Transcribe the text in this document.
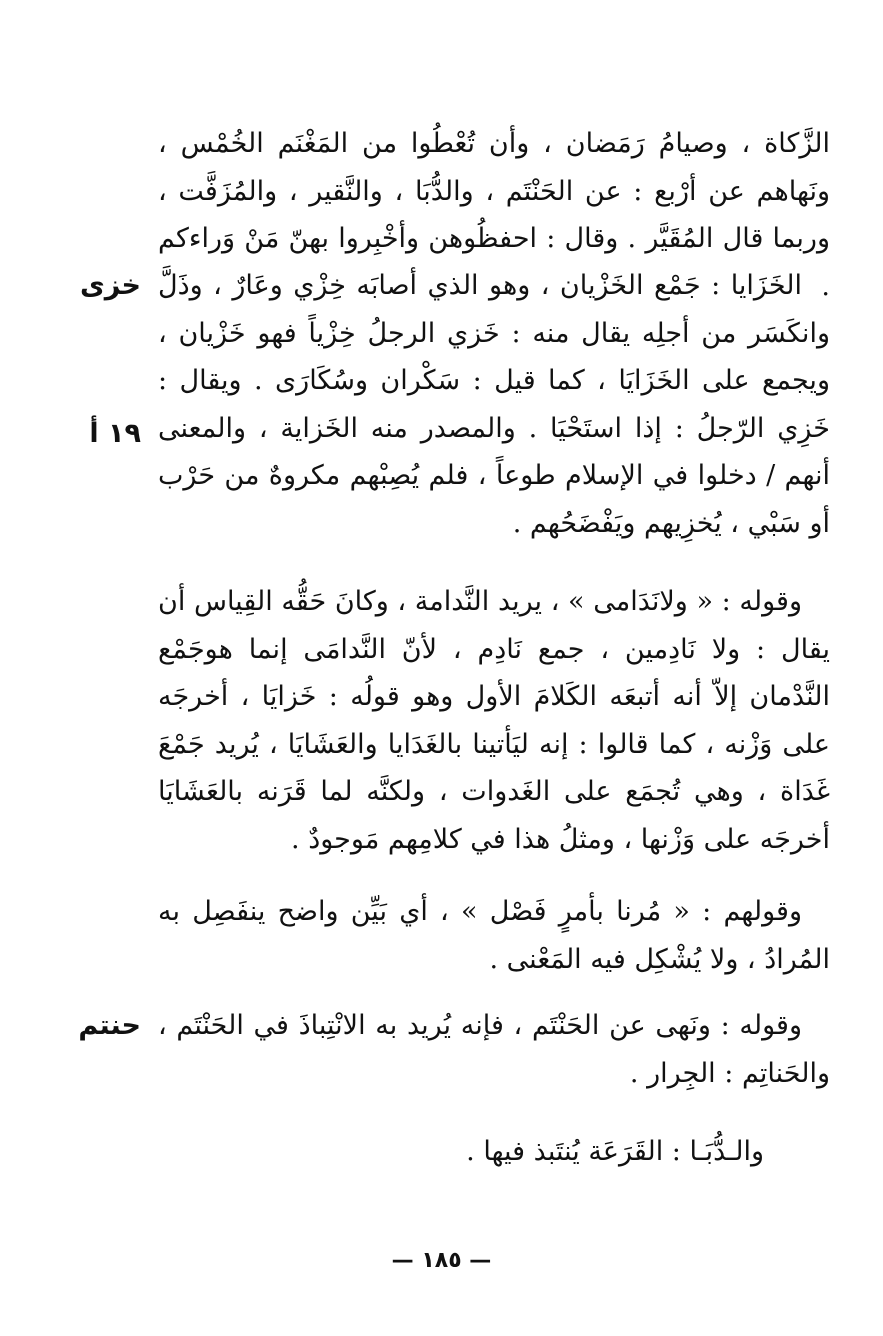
الزَّكاة ، وصيامُ رَمَضان ، وأن تُعْطُوا من المَغْنَم الخُمْس ، ونَهاهم عن أرْبع : عن الحَنْتَم ، والدُّبَا ، والنَّقير ، والمُزَفَّت ، وربما قال المُقَيَّر . وقال : احفظُوهن وأخْبِروا بهنّ مَنْ وَراءكم .

الخَزَايا : جَمْع الخَزْيان ، وهو الذي أصابَه خِزْي وعَارٌ ، وذَلَّ وانكَسَر من أجلِه يقال منه : خَزي الرجلُ خِزْياً فهو خَزْيان ، ويجمع على الخَزَايَا ، كما قيل : سَكْران وسُكَارَى . ويقال : خَزِي الرّجلُ : إذا استَحْيَا . والمصدر منه الخَزاية ، والمعنى أنهم / دخلوا في الإسلام طوعاً ، فلم يُصِبْهم مكروهٌ من حَرْب أو سَبْي ، يُخزِيهم ويَفْضَحُهم .

وقوله : « ولانَدَامى » ، يريد النَّدامة ، وكانَ حَقُّه القِياس أن يقال : ولا نَادِمين ، جمع نَادِم ، لأنّ النَّدامَى إنما هوجَمْع النَّدْمان إلاّ أنه أتبعَه الكَلامَ الأول وهو قولُه : خَزايَا ، أخرجَه على وَزْنه ، كما قالوا : إنه ليَأتينا بالغَدَايا والعَشَايَا ، يُريد جَمْعَ غَدَاة ، وهي تُجمَع على الغَدوات ، ولكنَّه لما قَرَنه بالعَشَايَا أخرجَه على وَزْنها ، ومثلُ هذا في كلامِهم مَوجودٌ .

وقولهم : « مُرنا بأمرٍ فَصْل » ، أي بَيِّن واضح ينفَصِل به المُرادُ ، ولا يُشْكِل فيه المَعْنى .

وقوله : ونَهى عن الحَنْتَم ، فإنه يُريد به الانْتِباذَ في الحَنْتَم ، والحَناتِم : الجِرار .

والـدُّبَـا : القَرَعَة يُنتَبذ فيها .

خزى
١٩ أ
حنتم
— ١٨٥ —
